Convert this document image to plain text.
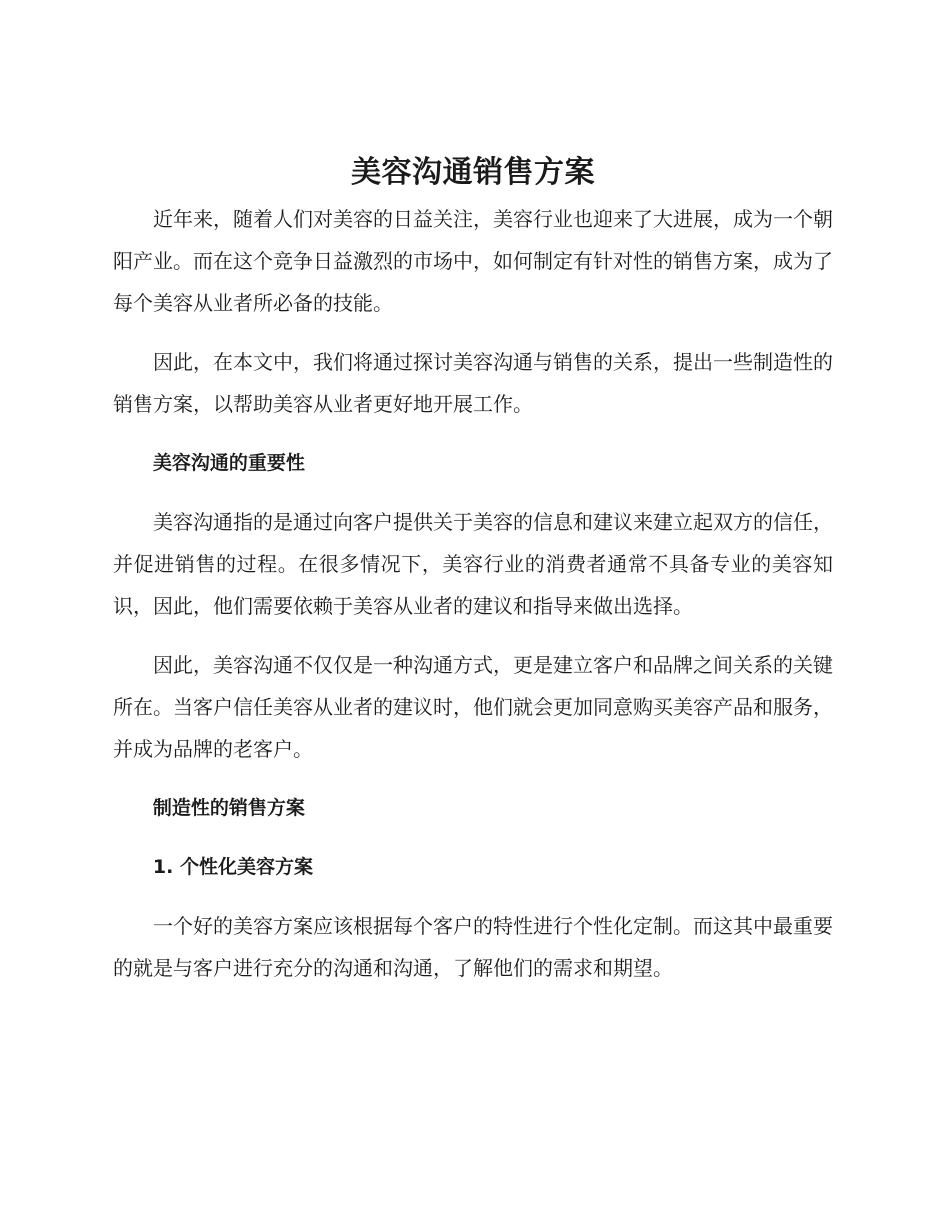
美容沟通销售方案

近年来，随着人们对美容的日益关注，美容行业也迎来了大进展，成为一个朝阳产业。而在这个竞争日益激烈的市场中，如何制定有针对性的销售方案，成为了每个美容从业者所必备的技能。

因此，在本文中，我们将通过探讨美容沟通与销售的关系，提出一些制造性的销售方案，以帮助美容从业者更好地开展工作。

美容沟通的重要性

美容沟通指的是通过向客户提供关于美容的信息和建议来建立起双方的信任，并促进销售的过程。在很多情况下，美容行业的消费者通常不具备专业的美容知识，因此，他们需要依赖于美容从业者的建议和指导来做出选择。

因此，美容沟通不仅仅是一种沟通方式，更是建立客户和品牌之间关系的关键所在。当客户信任美容从业者的建议时，他们就会更加同意购买美容产品和服务，并成为品牌的老客户。

制造性的销售方案
1. 个性化美容方案

一个好的美容方案应该根据每个客户的特性进行个性化定制。而这其中最重要的就是与客户进行充分的沟通和沟通，了解他们的需求和期望。
